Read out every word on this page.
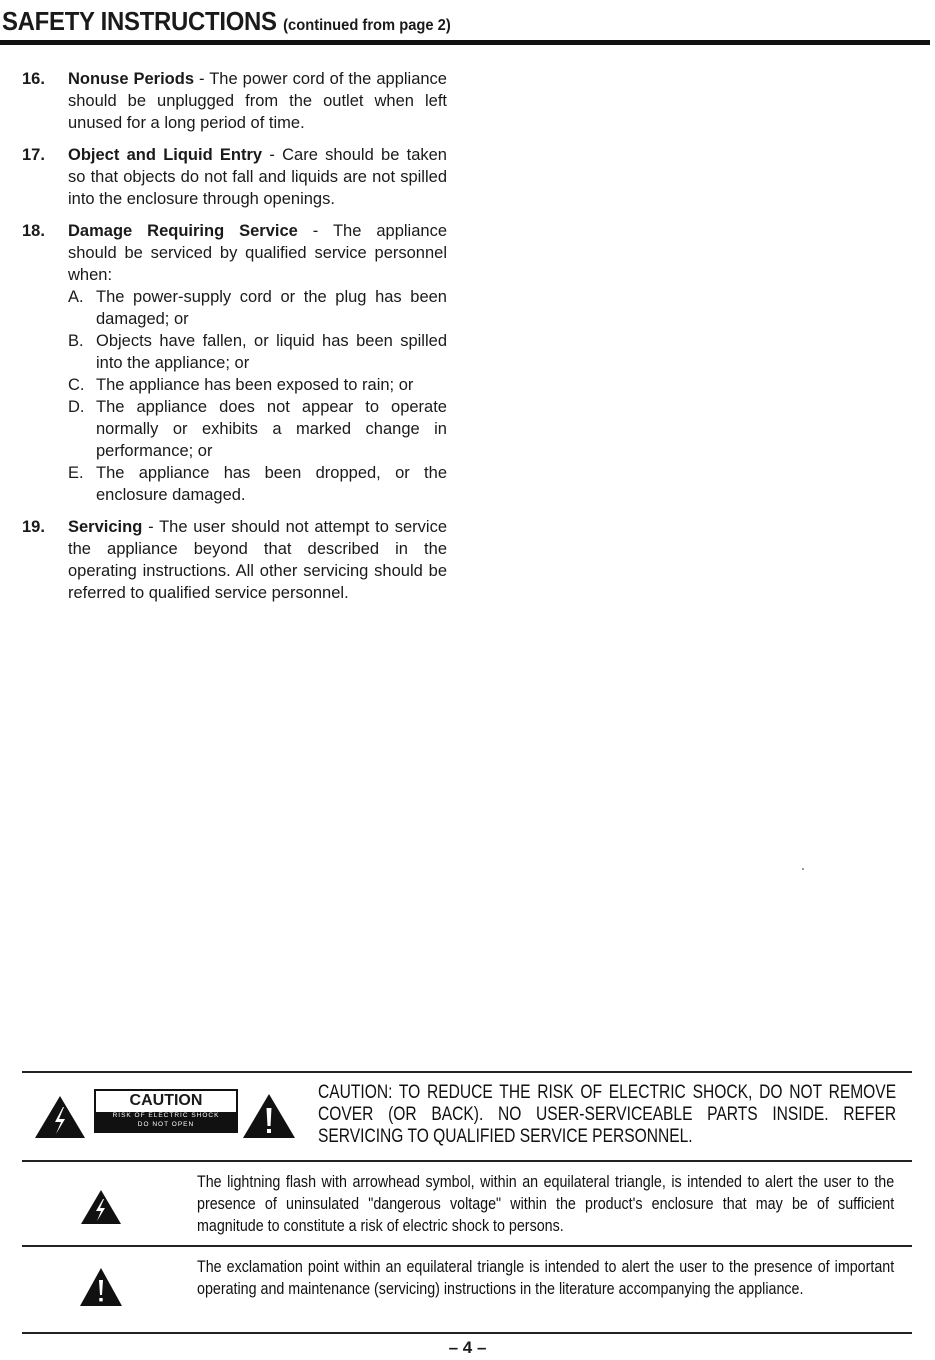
SAFETY INSTRUCTIONS (continued from page 2)
16. Nonuse Periods - The power cord of the appliance should be unplugged from the outlet when left unused for a long period of time.
17. Object and Liquid Entry - Care should be taken so that objects do not fall and liquids are not spilled into the enclosure through openings.
18. Damage Requiring Service - The appliance should be serviced by qualified service personnel when:
A. The power-supply cord or the plug has been damaged; or
B. Objects have fallen, or liquid has been spilled into the appliance; or
C. The appliance has been exposed to rain; or
D. The appliance does not appear to operate normally or exhibits a marked change in performance; or
E. The appliance has been dropped, or the enclosure damaged.
19. Servicing - The user should not attempt to service the appliance beyond that described in the operating instructions. All other servicing should be referred to qualified service personnel.
CAUTION
RISK OF ELECTRIC SHOCK
DO NOT OPEN
CAUTION: TO REDUCE THE RISK OF ELECTRIC SHOCK, DO NOT REMOVE COVER (OR BACK). NO USER-SERVICEABLE PARTS INSIDE. REFER SERVICING TO QUALIFIED SERVICE PERSONNEL.
The lightning flash with arrowhead symbol, within an equilateral triangle, is intended to alert the user to the presence of uninsulated "dangerous voltage" within the product's enclosure that may be of sufficient magnitude to constitute a risk of electric shock to persons.
The exclamation point within an equilateral triangle is intended to alert the user to the presence of important operating and maintenance (servicing) instructions in the literature accompanying the appliance.
– 4 –
